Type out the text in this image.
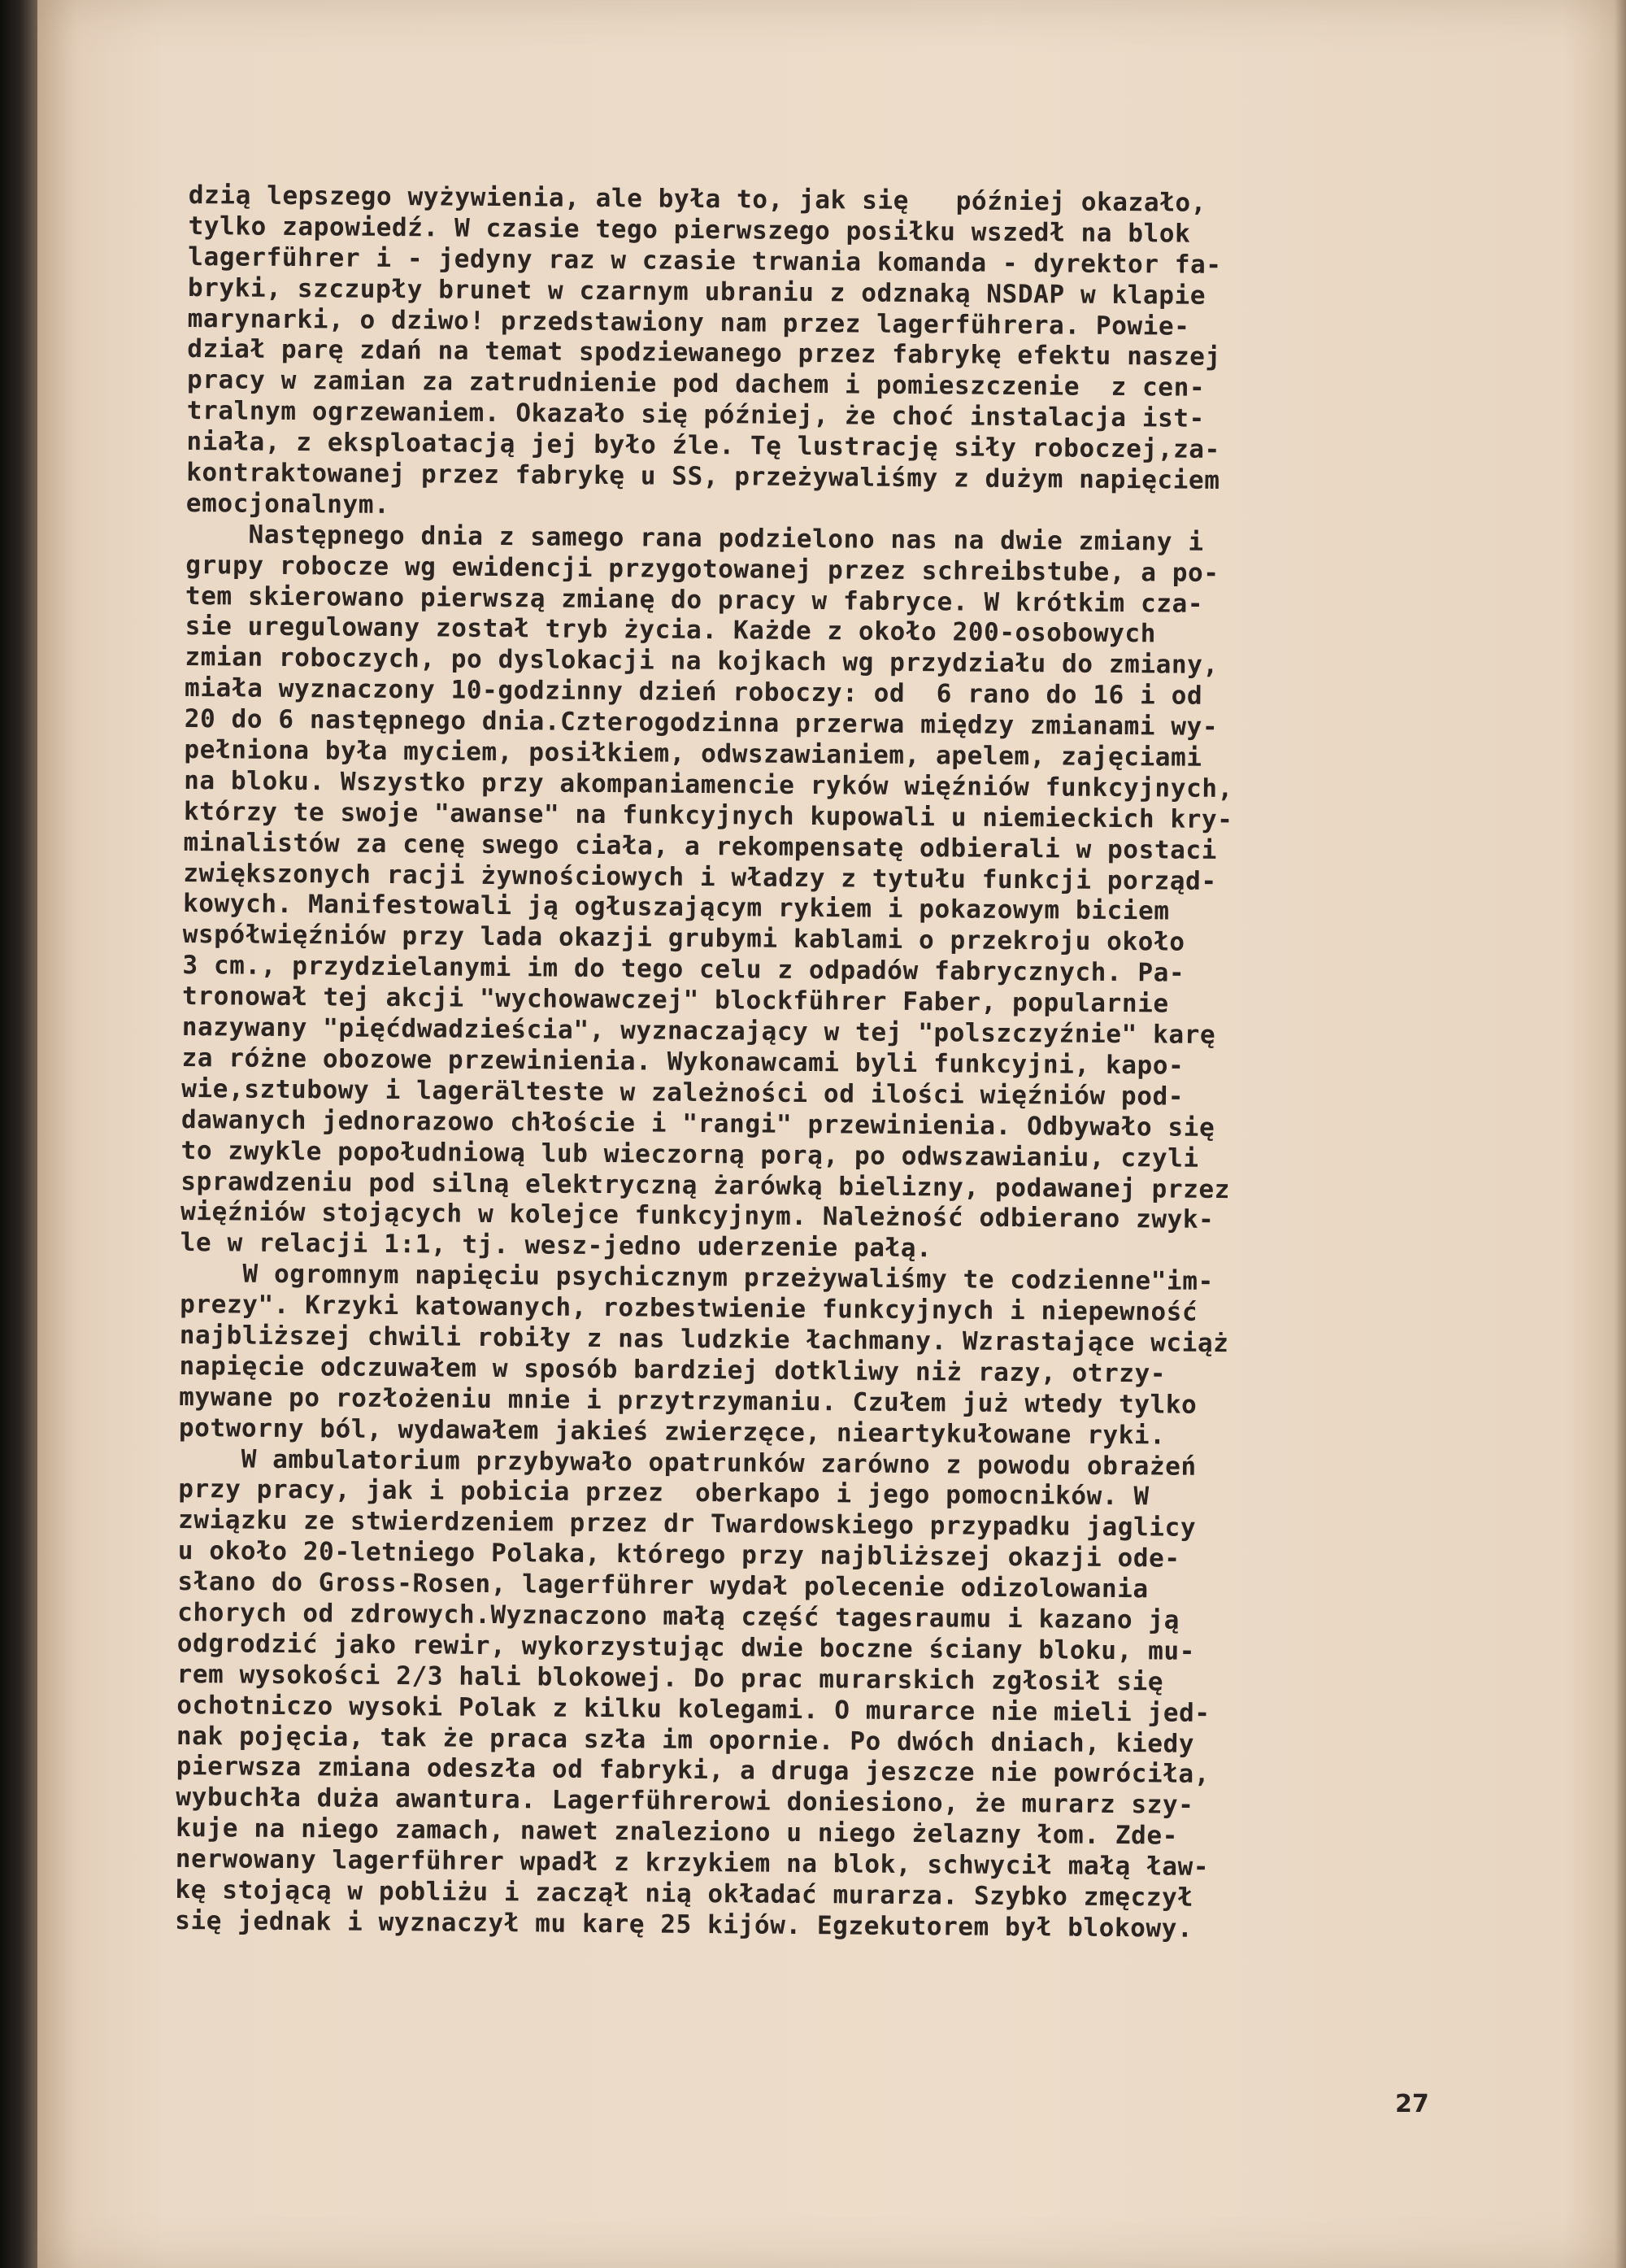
dzią lepszego wyżywienia, ale była to, jak się   później okazało,
tylko zapowiedź. W czasie tego pierwszego posiłku wszedł na blok
lagerführer i - jedyny raz w czasie trwania komanda - dyrektor fa-
bryki, szczupły brunet w czarnym ubraniu z odznaką NSDAP w klapie
marynarki, o dziwo! przedstawiony nam przez lagerführera. Powie-
dział parę zdań na temat spodziewanego przez fabrykę efektu naszej
pracy w zamian za zatrudnienie pod dachem i pomieszczenie  z cen-
tralnym ogrzewaniem. Okazało się później, że choć instalacja ist-
niała, z eksploatacją jej było źle. Tę lustrację siły roboczej,za-
kontraktowanej przez fabrykę u SS, przeżywaliśmy z dużym napięciem
emocjonalnym.
Następnego dnia z samego rana podzielono nas na dwie zmiany i
grupy robocze wg ewidencji przygotowanej przez schreibstube, a po-
tem skierowano pierwszą zmianę do pracy w fabryce. W krótkim cza-
sie uregulowany został tryb życia. Każde z około 200-osobowych
zmian roboczych, po dyslokacji na kojkach wg przydziału do zmiany,
miała wyznaczony 10-godzinny dzień roboczy: od  6 rano do 16 i od
20 do 6 następnego dnia.Czterogodzinna przerwa między zmianami wy-
pełniona była myciem, posiłkiem, odwszawianiem, apelem, zajęciami
na bloku. Wszystko przy akompaniamencie ryków więźniów funkcyjnych,
którzy te swoje "awanse" na funkcyjnych kupowali u niemieckich kry-
minalistów za cenę swego ciała, a rekompensatę odbierali w postaci
zwiększonych racji żywnościowych i władzy z tytułu funkcji porząd-
kowych. Manifestowali ją ogłuszającym rykiem i pokazowym biciem
współwięźniów przy lada okazji grubymi kablami o przekroju około
3 cm., przydzielanymi im do tego celu z odpadów fabrycznych. Pa-
tronował tej akcji "wychowawczej" blockführer Faber, popularnie
nazywany "pięćdwadzieścia", wyznaczający w tej "polszczyźnie" karę
za różne obozowe przewinienia. Wykonawcami byli funkcyjni, kapo-
wie,sztubowy i lagerälteste w zależności od ilości więźniów pod-
dawanych jednorazowo chłoście i "rangi" przewinienia. Odbywało się
to zwykle popołudniową lub wieczorną porą, po odwszawianiu, czyli
sprawdzeniu pod silną elektryczną żarówką bielizny, podawanej przez
więźniów stojących w kolejce funkcyjnym. Należność odbierano zwyk-
le w relacji 1:1, tj. wesz-jedno uderzenie pałą.
W ogromnym napięciu psychicznym przeżywaliśmy te codzienne"im-
prezy". Krzyki katowanych, rozbestwienie funkcyjnych i niepewność
najbliższej chwili robiły z nas ludzkie łachmany. Wzrastające wciąż
napięcie odczuwałem w sposób bardziej dotkliwy niż razy, otrzy-
mywane po rozłożeniu mnie i przytrzymaniu. Czułem już wtedy tylko
potworny ból, wydawałem jakieś zwierzęce, nieartykułowane ryki.
W ambulatorium przybywało opatrunków zarówno z powodu obrażeń
przy pracy, jak i pobicia przez  oberkapo i jego pomocników. W
związku ze stwierdzeniem przez dr Twardowskiego przypadku jaglicy
u około 20-letniego Polaka, którego przy najbliższej okazji ode-
słano do Gross-Rosen, lagerführer wydał polecenie odizolowania
chorych od zdrowych.Wyznaczono małą część tagesraumu i kazano ją
odgrodzić jako rewir, wykorzystując dwie boczne ściany bloku, mu-
rem wysokości 2/3 hali blokowej. Do prac murarskich zgłosił się
ochotniczo wysoki Polak z kilku kolegami. O murarce nie mieli jed-
nak pojęcia, tak że praca szła im opornie. Po dwóch dniach, kiedy
pierwsza zmiana odeszła od fabryki, a druga jeszcze nie powróciła,
wybuchła duża awantura. Lagerführerowi doniesiono, że murarz szy-
kuje na niego zamach, nawet znaleziono u niego żelazny łom. Zde-
nerwowany lagerführer wpadł z krzykiem na blok, schwycił małą ław-
kę stojącą w pobliżu i zaczął nią okładać murarza. Szybko zmęczył
się jednak i wyznaczył mu karę 25 kijów. Egzekutorem był blokowy.
27
